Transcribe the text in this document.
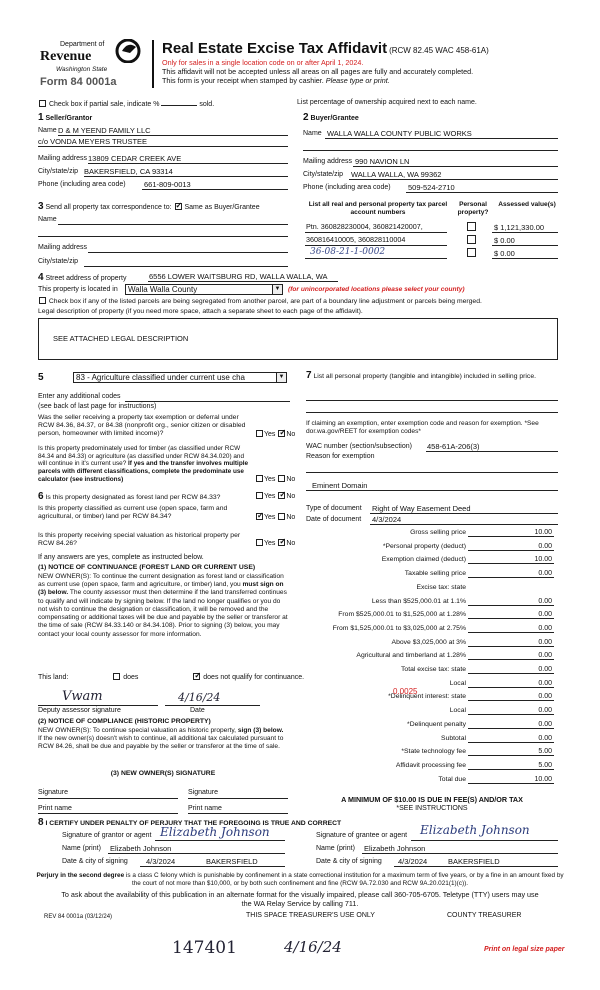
Department of
Revenue
Washington State
Form 84 0001a
Real Estate Excise Tax Affidavit (RCW 82.45 WAC 458-61A)
Only for sales in a single location code on or after April 1, 2024.
This affidavit will not be accepted unless all areas on all pages are fully and accurately completed.
This form is your receipt when stamped by cashier. Please type or print.
Check box if partial sale, indicate %	sold.	List percentage of ownership acquired next to each name.
1 Seller/Grantor
Name D & M YEEND FAMILY LLC
c/o VONDA MEYERS TRUSTEE
Mailing address 13809 CEDAR CREEK AVE
City/state/zip BAKERSFIELD, CA 93314
Phone (including area code) 661-809-0013
2 Buyer/Grantee
Name WALLA WALLA COUNTY PUBLIC WORKS
Mailing address 990 NAVION LN
City/state/zip WALLA WALLA, WA 99362
Phone (including area code) 509-524-2710
3 Send all property tax correspondence to: ✓ Same as Buyer/Grantee
Name
Mailing address
City/state/zip
List all real and personal property tax parcel account numbers
Personal property?
Assessed value(s)
Ptn. 360828230004, 360821420007,	$ 1,121,330.00
360816410005, 360828110004	$ 0.00
36-08-21-1-0002	$ 0.00
4 Street address of property	6556 LOWER WAITSBURG RD, WALLA WALLA, WA
This property is located in	Walla Walla County	▼ (for unincorporated locations please select your county)
Check box if any of the listed parcels are being segregated from another parcel, are part of a boundary line adjustment or parcels being merged.
Legal description of property (if you need more space, attach a separate sheet to each page of the affidavit).
SEE ATTACHED LEGAL DESCRIPTION
5	83 - Agriculture classified under current use cha	▼
Enter any additional codes
(see back of last page for instructions)
Was the seller receiving a property tax exemption or deferral under RCW 84.36, 84.37, or 84.38 (nonprofit org., senior citizen or disabled person, homeowner with limited income)?	Yes ✓ No
Is this property predominately used for timber (as classified under RCW 84.34 and 84.33) or agriculture (as classified under RCW 84.34.020) and will continue in it's current use? If yes and the transfer involves multiple parcels with different classifications, complete the predominate use calculator (see instructions)	Yes No
6 Is this property designated as forest land per RCW 84.33?	Yes ✓ No
Is this property classified as current use (open space, farm and agricultural, or timber) land per RCW 84.34? ✓	Yes No
Is this property receiving special valuation as historical property per RCW 84.26?	Yes ✓ No
If any answers are yes, complete as instructed below.
(1) NOTICE OF CONTINUANCE (FOREST LAND OR CURRENT USE)
NEW OWNER(S): To continue the current designation as forest land or classification as current use (open space, farm and agriculture, or timber) land, you must sign on (3) below. The county assessor must then determine if the land transferred continues to qualify and will indicate by signing below. If the land no longer qualifies or you do not wish to continue the designation or classification, it will be removed and the compensating or additional taxes will be due and payable by the seller or transferor at the time of sale (RCW 84.33.140 or 84.34.108). Prior to signing (3) below, you may contact your local county assessor for more information.
This land:	does ✓	does not qualify for continuance.
Vwam	4/16/24
Deputy assessor signature	Date
(2) NOTICE OF COMPLIANCE (HISTORIC PROPERTY)
NEW OWNER(S): To continue special valuation as historic property, sign (3) below. If the new owner(s) doesn't wish to continue, all additional tax calculated pursuant to RCW 84.26, shall be due and payable by the seller or transferor at the time of sale.
(3) NEW OWNER(S) SIGNATURE
Signature	Signature
Print name	Print name
7 List all personal property (tangible and intangible) included in selling price.
If claiming an exemption, enter exemption code and reason for exemption. *See dor.wa.gov/REET for exemption codes*
WAC number (section/subsection) 458-61A-206(3)
Reason for exemption
Eminent Domain
Type of document Right of Way Easement Deed
Date of document 4/3/2024
Gross selling price	10.00
*Personal property (deduct)	0.00
Exemption claimed (deduct)	10.00
Taxable selling price	0.00
Excise tax: state
Less than $525,000.01 at 1.1%	0.00
From $525,000.01 to $1,525,000 at 1.28%	0.00
From $1,525,000.01 to $3,025,000 at 2.75%	0.00
Above $3,025,000 at 3%	0.00
Agricultural and timberland at 1.28%	0.00
Total excise tax: state	0.00
Local	0.00
*Delinquent interest: state	0.00
Local	0.00
*Delinquent penalty	0.00
Subtotal	0.00
*State technology fee	5.00
Affidavit processing fee	5.00
Total due	10.00
0.0025
A MINIMUM OF $10.00 IS DUE IN FEE(S) AND/OR TAX
*SEE INSTRUCTIONS
8 I CERTIFY UNDER PENALTY OF PERJURY THAT THE FOREGOING IS TRUE AND CORRECT
Signature of grantor or agent Elizabeth Johnson
Name (print) Elizabeth Johnson
Date & city of signing 4/3/2024	BAKERSFIELD
Signature of grantee or agent Elizabeth Johnson
Name (print) Elizabeth Johnson
Date & city of signing 4/3/2024	BAKERSFIELD
Perjury in the second degree is a class C felony which is punishable by confinement in a state correctional institution for a maximum term of five years, or by a fine in an amount fixed by the court of not more than $10,000, or by both such confinement and fine (RCW 9A.72.030 and RCW 9A.20.021(1)(c)).
To ask about the availability of this publication in an alternate format for the visually impaired, please call 360-705-6705. Teletype (TTY) users may use the WA Relay Service by calling 711.
REV 84 0001a (03/12/24)	THIS SPACE TREASURER'S USE ONLY	COUNTY TREASURER
147401	4/16/24	Print on legal size paper
